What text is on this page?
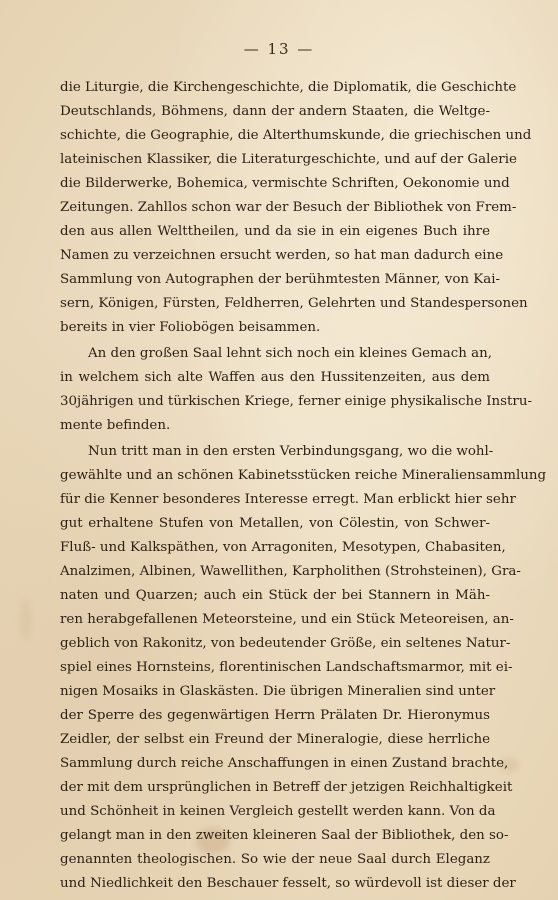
— 13 —
die Liturgie, die Kirchengeschichte, die Diplomatik, die Geschichte
Deutschlands, Böhmens, dann der andern Staaten, die Weltge-
schichte, die Geographie, die Alterthumskunde, die griechischen und
lateinischen Klassiker, die Literaturgeschichte, und auf der Galerie
die Bilderwerke, Bohemica, vermischte Schriften, Oekonomie und
Zeitungen. Zahllos schon war der Besuch der Bibliothek von Frem-
den aus allen Welttheilen, und da sie in ein eigenes Buch ihre
Namen zu verzeichnen ersucht werden, so hat man dadurch eine
Sammlung von Autographen der berühmtesten Männer, von Kai-
sern, Königen, Fürsten, Feldherren, Gelehrten und Standespersonen
bereits in vier Foliobögen beisammen.
An den großen Saal lehnt sich noch ein kleines Gemach an,
in welchem sich alte Waffen aus den Hussitenzeiten, aus dem
30jährigen und türkischen Kriege, ferner einige physikalische Instru-
mente befinden.
Nun tritt man in den ersten Verbindungsgang, wo die wohl-
gewählte und an schönen Kabinetsstücken reiche Mineraliensammlung
für die Kenner besonderes Interesse erregt. Man erblickt hier sehr
gut erhaltene Stufen von Metallen, von Cölestin, von Schwer-
Fluß- und Kalkspäthen, von Arragoniten, Mesotypen, Chabasiten,
Analzimen, Albinen, Wawellithen, Karpholithen (Strohsteinen), Gra-
naten und Quarzen; auch ein Stück der bei Stannern in Mäh-
ren herabgefallenen Meteorsteine, und ein Stück Meteoreisen, an-
geblich von Rakonitz, von bedeutender Größe, ein seltenes Natur-
spiel eines Hornsteins, florentinischen Landschaftsmarmor, mit ei-
nigen Mosaiks in Glaskästen. Die übrigen Mineralien sind unter
der Sperre des gegenwärtigen Herrn Prälaten Dr. Hieronymus
Zeidler, der selbst ein Freund der Mineralogie, diese herrliche
Sammlung durch reiche Anschaffungen in einen Zustand brachte,
der mit dem ursprünglichen in Betreff der jetzigen Reichhaltigkeit
und Schönheit in keinen Vergleich gestellt werden kann. Von da
gelangt man in den zweiten kleineren Saal der Bibliothek, den so-
genannten theologischen. So wie der neue Saal durch Eleganz
und Niedlichkeit den Beschauer fesselt, so würdevoll ist dieser der
